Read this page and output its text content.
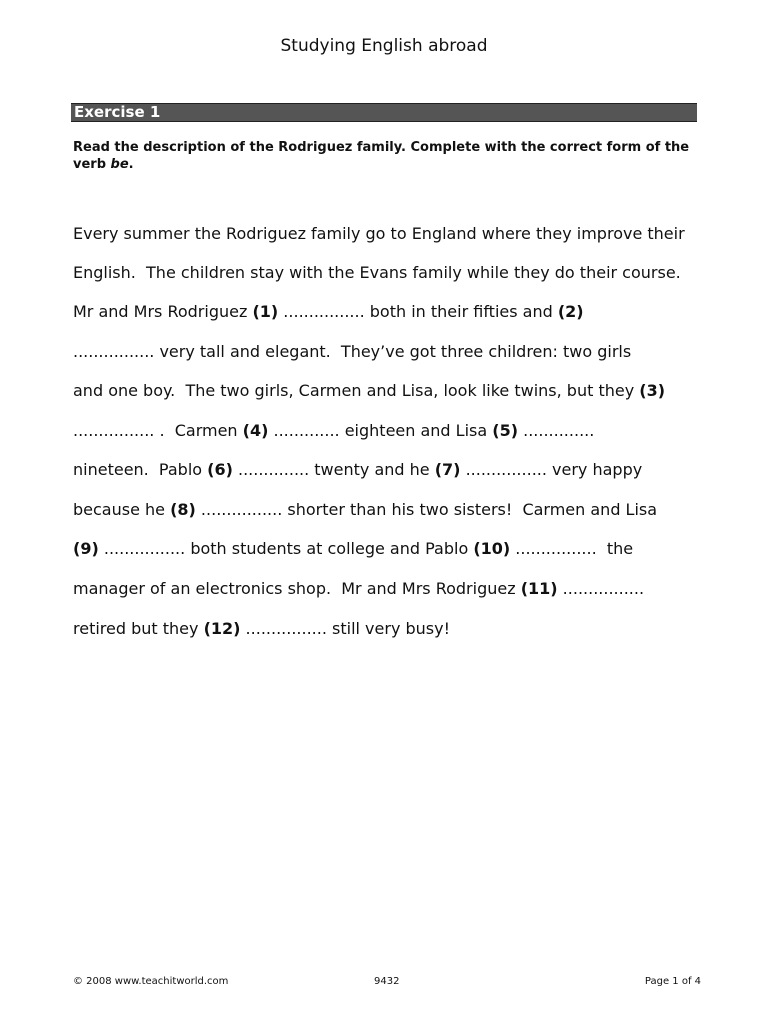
Studying English abroad
Exercise 1
Read the description of the Rodriguez family. Complete with the correct form of the verb be.
Every summer the Rodriguez family go to England where they improve their
English.  The children stay with the Evans family while they do their course.
Mr and Mrs Rodriguez (1) ................ both in their fifties and (2)
................ very tall and elegant.  They’ve got three children: two girls
and one boy.  The two girls, Carmen and Lisa, look like twins, but they (3)
................ .  Carmen (4) ............. eighteen and Lisa (5) ..............
nineteen.  Pablo (6) .............. twenty and he (7) ................ very happy
because he (8) ................ shorter than his two sisters!  Carmen and Lisa
(9) ................ both students at college and Pablo (10) ................  the
manager of an electronics shop.  Mr and Mrs Rodriguez (11) ................
retired but they (12) ................ still very busy!
© 2008 www.teachitworld.com	9432	Page 1 of 4
